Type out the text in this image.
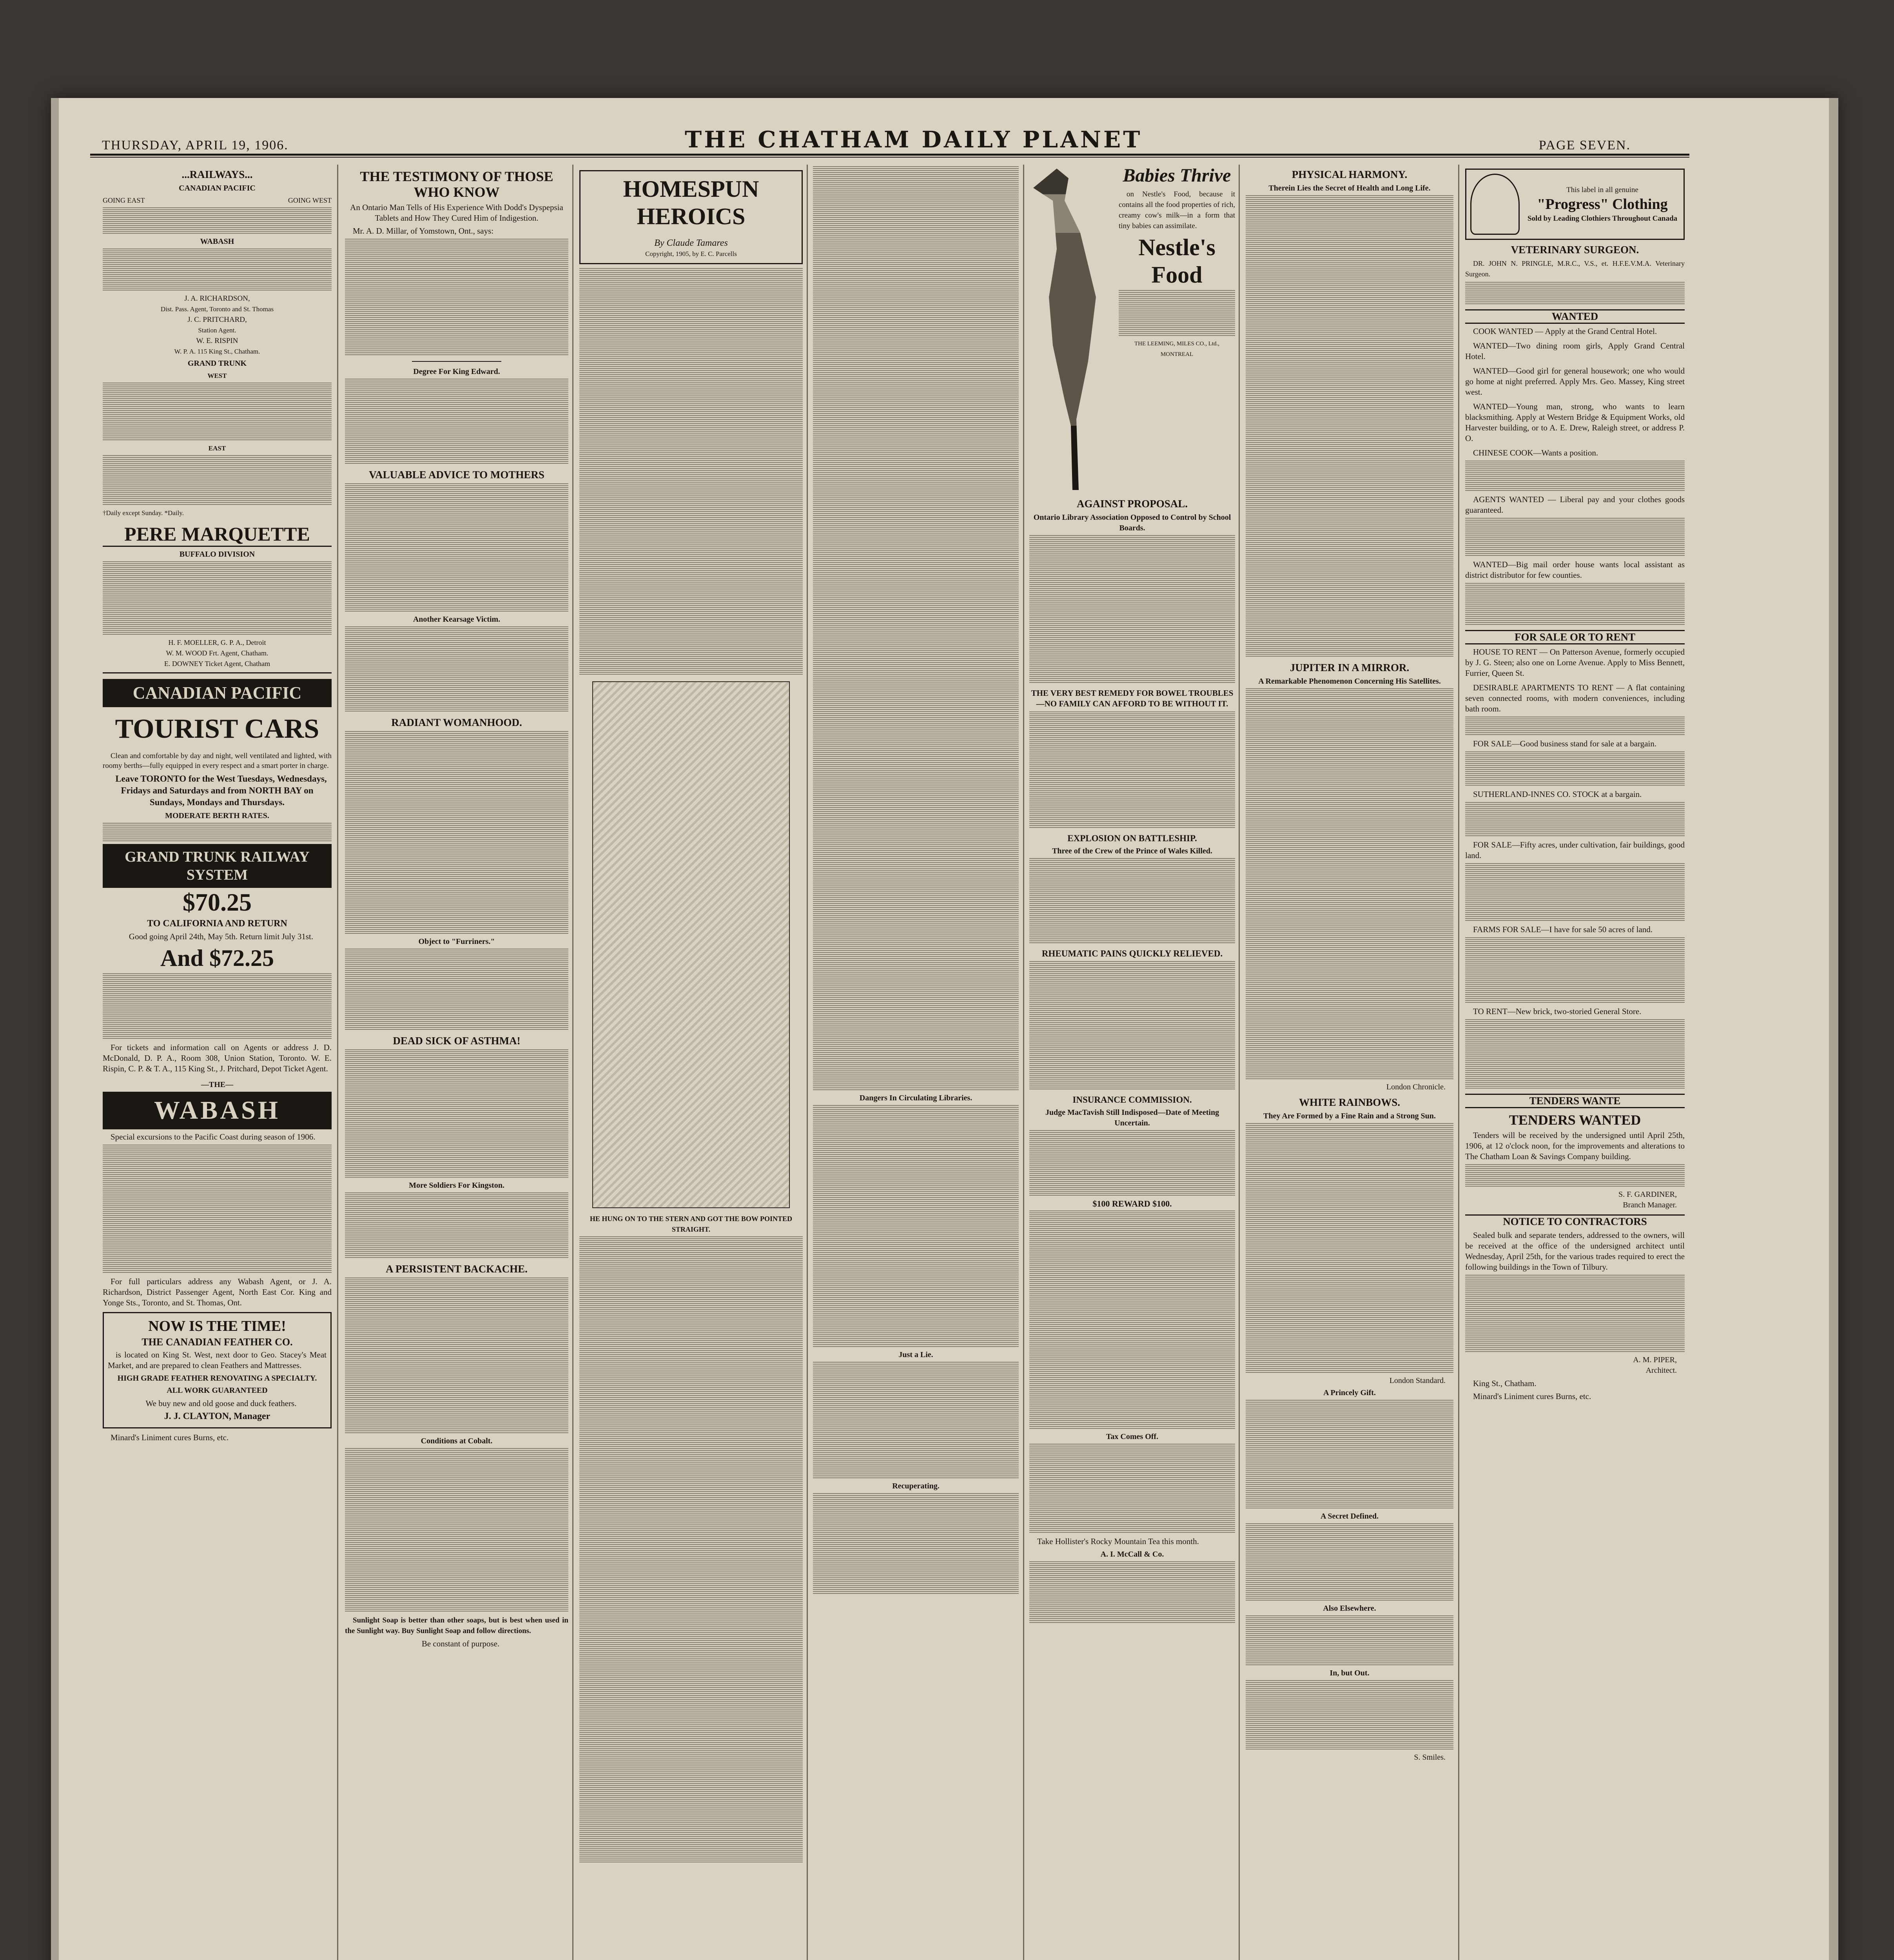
THURSDAY, APRIL 19, 1906.	THE CHATHAM DAILY PLANET	PAGE SEVEN.
...RAILWAYS...
CANADIAN PACIFIC
GOING EAST	GOING WEST
WABASH
J. A. RICHARDSON,
Dist. Pass. Agent, Toronto and St. Thomas
J. C. PRITCHARD,
Station Agent.
W. E. RISPIN
W. P. A. 115 King St., Chatham.
GRAND TRUNK
WEST
EAST
†Daily except Sunday. *Daily.
PERE MARQUETTE
BUFFALO DIVISION
H. F. MOELLER, G. P. A., Detroit
W. M. WOOD Frt. Agent, Chatham.
E. DOWNEY Ticket Agent, Chatham
CANADIAN PACIFIC
TOURIST CARS
Clean and comfortable by day and night, well ventilated and lighted, with roomy berths—fully equipped in every respect and a smart porter in charge.
Leave TORONTO for the West Tuesdays, Wednesdays, Fridays and Saturdays and from NORTH BAY on Sundays, Mondays and Thursdays.
MODERATE BERTH RATES.
GRAND TRUNK RAILWAY SYSTEM
$70.25
TO CALIFORNIA AND RETURN
Good going April 24th, May 5th. Return limit July 31st.
And $72.25
For tickets and information call on Agents or address J. D. McDonald, D. P. A., Room 308, Union Station, Toronto. W. E. Rispin, C. P. & T. A., 115 King St., J. Pritchard, Depot Ticket Agent.
—THE—
WABASH
Special excursions to the Pacific Coast during season of 1906.
For full particulars address any Wabash Agent, or J. A. Richardson, District Passenger Agent, North East Cor. King and Yonge Sts., Toronto, and St. Thomas, Ont.
NOW IS THE TIME!
THE CANADIAN FEATHER CO.
is located on King St. West, next door to Geo. Stacey's Meat Market, and are prepared to clean Feathers and Mattresses.
HIGH GRADE FEATHER RENOVATING A SPECIALTY.
ALL WORK GUARANTEED
We buy new and old goose and duck feathers.
J. J. CLAYTON, Manager
Minard's Liniment cures Burns, etc.
THE TESTIMONY OF THOSE WHO KNOW
An Ontario Man Tells of His Experience With Dodd's Dyspepsia Tablets and How They Cured Him of Indigestion.
Mr. A. D. Millar, of Yomstown, Ont., says:
Degree For King Edward.
VALUABLE ADVICE TO MOTHERS
Another Kearsage Victim.
RADIANT WOMANHOOD.
Object to "Furriners."
DEAD SICK OF ASTHMA!
More Soldiers For Kingston.
A PERSISTENT BACKACHE.
Conditions at Cobalt.
Sunlight Soap is better than other soaps, but is best when used in the Sunlight way. Buy Sunlight Soap and follow directions.
Be constant of purpose.
HOMESPUN HEROICS
By Claude Tamares
Copyright, 1905, by E. C. Parcells
HE HUNG ON TO THE STERN AND GOT THE BOW POINTED STRAIGHT.
Dangers In Circulating Libraries.
Just a Lie.
Recuperating.
Babies Thrive
on Nestle's Food, because it contains all the food properties of rich, creamy cow's milk—in a form that tiny babies can assimilate.
Nestle's Food
THE LEEMING, MILES CO., Ltd., MONTREAL
AGAINST PROPOSAL.
Ontario Library Association Opposed to Control by School Boards.
THE VERY BEST REMEDY FOR BOWEL TROUBLES—NO FAMILY CAN AFFORD TO BE WITHOUT IT.
EXPLOSION ON BATTLESHIP.
Three of the Crew of the Prince of Wales Killed.
RHEUMATIC PAINS QUICKLY RELIEVED.
INSURANCE COMMISSION.
Judge MacTavish Still Indisposed—Date of Meeting Uncertain.
$100 REWARD $100.
Tax Comes Off.
Take Hollister's Rocky Mountain Tea this month.
A. I. McCall & Co.
PHYSICAL HARMONY.
Therein Lies the Secret of Health and Long Life.
JUPITER IN A MIRROR.
A Remarkable Phenomenon Concerning His Satellites.
London Chronicle.
WHITE RAINBOWS.
They Are Formed by a Fine Rain and a Strong Sun.
London Standard.
A Princely Gift.
A Secret Defined.
Also Elsewhere.
In, but Out.
S. Smiles.
This label in all genuine
"Progress" Clothing
Sold by Leading Clothiers Throughout Canada
VETERINARY SURGEON.
DR. JOHN N. PRINGLE, M.R.C., V.S., et. H.F.E.V.M.A. Veterinary Surgeon.
WANTED
COOK WANTED — Apply at the Grand Central Hotel.
WANTED—Two dining room girls, Apply Grand Central Hotel.
WANTED—Good girl for general housework; one who would go home at night preferred. Apply Mrs. Geo. Massey, King street west.
WANTED—Young man, strong, who wants to learn blacksmithing. Apply at Western Bridge & Equipment Works, old Harvester building, or to A. E. Drew, Raleigh street, or address P. O.
CHINESE COOK—Wants a position.
AGENTS WANTED — Liberal pay and your clothes goods guaranteed.
WANTED—Big mail order house wants local assistant as district distributor for few counties.
FOR SALE OR TO RENT
HOUSE TO RENT — On Patterson Avenue, formerly occupied by J. G. Steen; also one on Lorne Avenue. Apply to Miss Bennett, Furrier, Queen St.
DESIRABLE APARTMENTS TO RENT — A flat containing seven connected rooms, with modern conveniences, including bath room.
FOR SALE—Good business stand for sale at a bargain.
SUTHERLAND-INNES CO. STOCK at a bargain.
FOR SALE—Fifty acres, under cultivation, fair buildings, good land.
FARMS FOR SALE—I have for sale 50 acres of land.
TO RENT—New brick, two-storied General Store.
TENDERS WANTE
TENDERS WANTED
Tenders will be received by the undersigned until April 25th, 1906, at 12 o'clock noon, for the improvements and alterations to The Chatham Loan & Savings Company building.
S. F. GARDINER,
Branch Manager.
NOTICE TO CONTRACTORS
Sealed bulk and separate tenders, addressed to the owners, will be received at the office of the undersigned architect until Wednesday, April 25th, for the various trades required to erect the following buildings in the Town of Tilbury.
A. M. PIPER,
Architect.
King St., Chatham.
Minard's Liniment cures Burns, etc.
